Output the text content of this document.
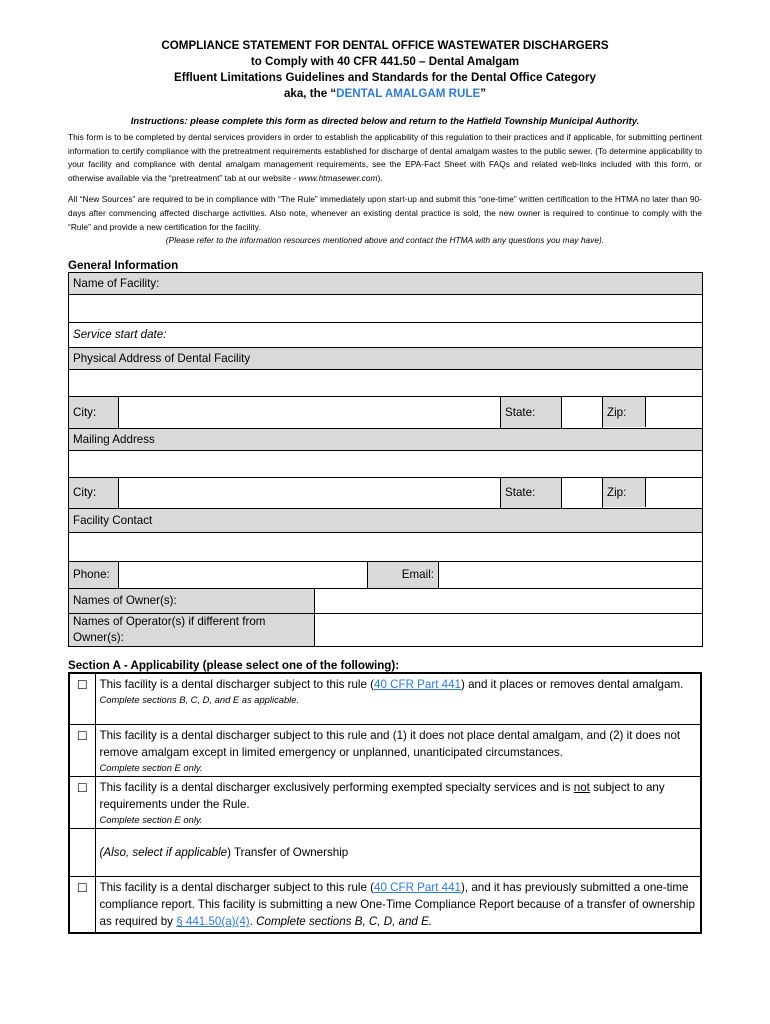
COMPLIANCE STATEMENT FOR DENTAL OFFICE WASTEWATER DISCHARGERS
to Comply with 40 CFR 441.50 – Dental Amalgam
Effluent Limitations Guidelines and Standards for the Dental Office Category
aka, the “DENTAL AMALGAM RULE”
Instructions: please complete this form as directed below and return to the Hatfield Township Municipal Authority.
This form is to be completed by dental services providers in order to establish the applicability of this regulation to their practices and if applicable, for submitting pertinent information to certify compliance with the pretreatment requirements established for discharge of dental amalgam wastes to the public sewer. (To determine applicability to your facility and compliance with dental amalgam management requirements, see the EPA-Fact Sheet with FAQs and related web-links included with this form, or otherwise available via the “pretreatment” tab at our website - www.htmasewer.com).
All “New Sources” are required to be in compliance with “The Rule” immediately upon start-up and submit this “one-time” written certification to the HTMA no later than 90-days after commencing affected discharge activities. Also note, whenever an existing dental practice is sold, the new owner is required to continue to comply with the “Rule” and provide a new certification for the facility.
(Please refer to the information resources mentioned above and contact the HTMA with any questions you may have).
General Information
Name of Facility:							

Service start date:							
Physical Address of Dental Facility							

City:					State:		Zip:

Mailing Address							

City:					State:		Zip:

Facility Contact							

Phone:			Email:				
Names of Owner(s):							
Names of Operator(s) if different from Owner(s):							
Section A - Applicability (please select one of the following):
☐	This facility is a dental discharger subject to this rule (40 CFR Part 441) and it places or removes dental amalgam.
Complete sections B, C, D, and E as applicable.

☐	This facility is a dental discharger subject to this rule and (1) it does not place dental amalgam, and (2) it does not remove amalgam except in limited emergency or unplanned, unanticipated circumstances.
Complete section E only.

☐	This facility is a dental discharger exclusively performing exempted specialty services and is not subject to any requirements under the Rule.
Complete section E only.

	(Also, select if applicable) Transfer of Ownership
☐	This facility is a dental discharger subject to this rule (40 CFR Part 441), and it has previously submitted a one-time compliance report. This facility is submitting a new One-Time Compliance Report because of a transfer of ownership as required by § 441.50(a)(4). Complete sections B, C, D, and E.
